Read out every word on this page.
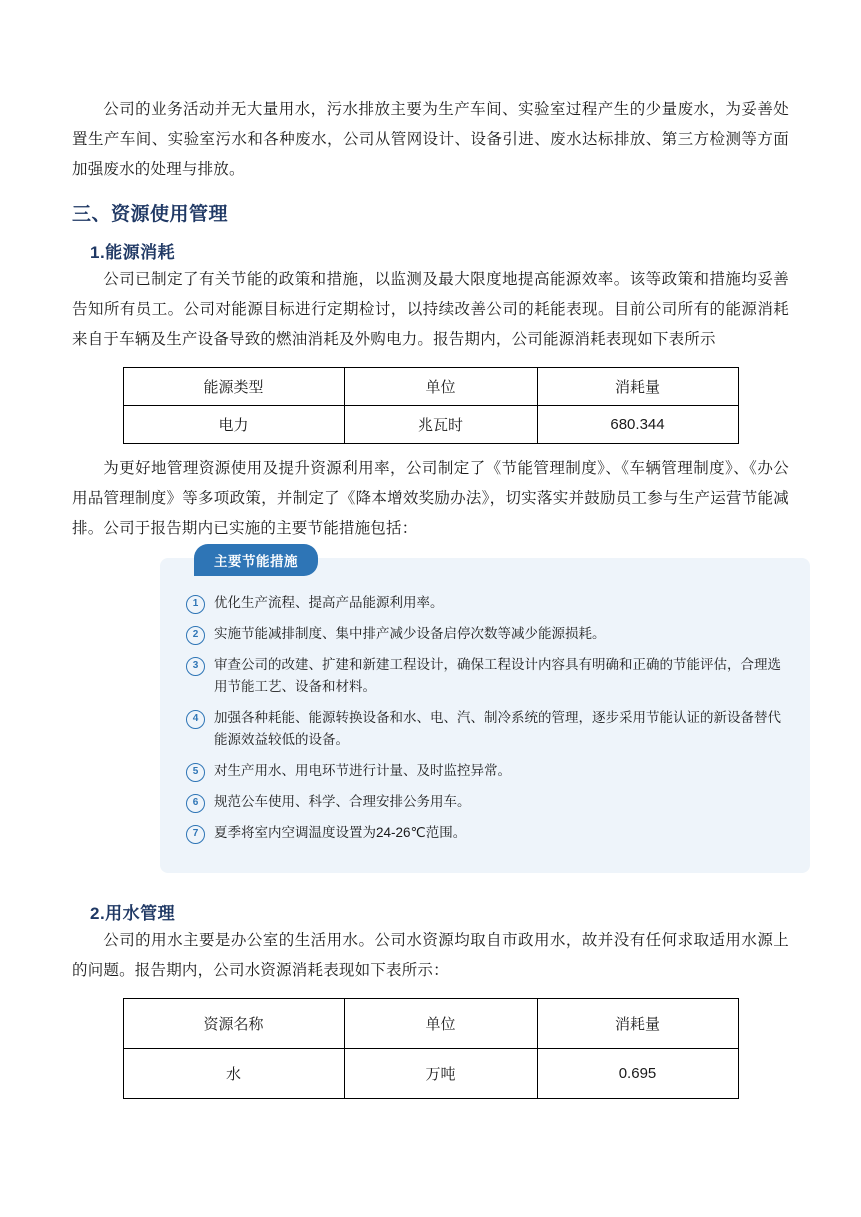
公司的业务活动并无大量用水，污水排放主要为生产车间、实验室过程产生的少量废水，为妥善处置生产车间、实验室污水和各种废水，公司从管网设计、设备引进、废水达标排放、第三方检测等方面加强废水的处理与排放。

三、资源使用管理
1.能源消耗

公司已制定了有关节能的政策和措施，以监测及最大限度地提高能源效率。该等政策和措施均妥善告知所有员工。公司对能源目标进行定期检讨，以持续改善公司的耗能表现。目前公司所有的能源消耗来自于车辆及生产设备导致的燃油消耗及外购电力。报告期内，公司能源消耗表现如下表所示

能源类型	单位	消耗量
电力	兆瓦时	680.344

为更好地管理资源使用及提升资源利用率，公司制定了《节能管理制度》、《车辆管理制度》、《办公用品管理制度》等多项政策，并制定了《降本增效奖励办法》，切实落实并鼓励员工参与生产运营节能减排。公司于报告期内已实施的主要节能措施包括：

主要节能措施
1	优化生产流程、提高产品能源利用率。
2	实施节能减排制度、集中排产减少设备启停次数等减少能源损耗。
3	审查公司的改建、扩建和新建工程设计，确保工程设计内容具有明确和正确的节能评估，合理选用节能工艺、设备和材料。
4	加强各种耗能、能源转换设备和水、电、汽、制冷系统的管理，逐步采用节能认证的新设备替代能源效益较低的设备。
5	对生产用水、用电环节进行计量、及时监控异常。
6	规范公车使用、科学、合理安排公务用车。
7	夏季将室内空调温度设置为24-26℃范围。
2.用水管理

公司的用水主要是办公室的生活用水。公司水资源均取自市政用水，故并没有任何求取适用水源上的问题。报告期内，公司水资源消耗表现如下表所示：

资源名称	单位	消耗量
水	万吨	0.695
